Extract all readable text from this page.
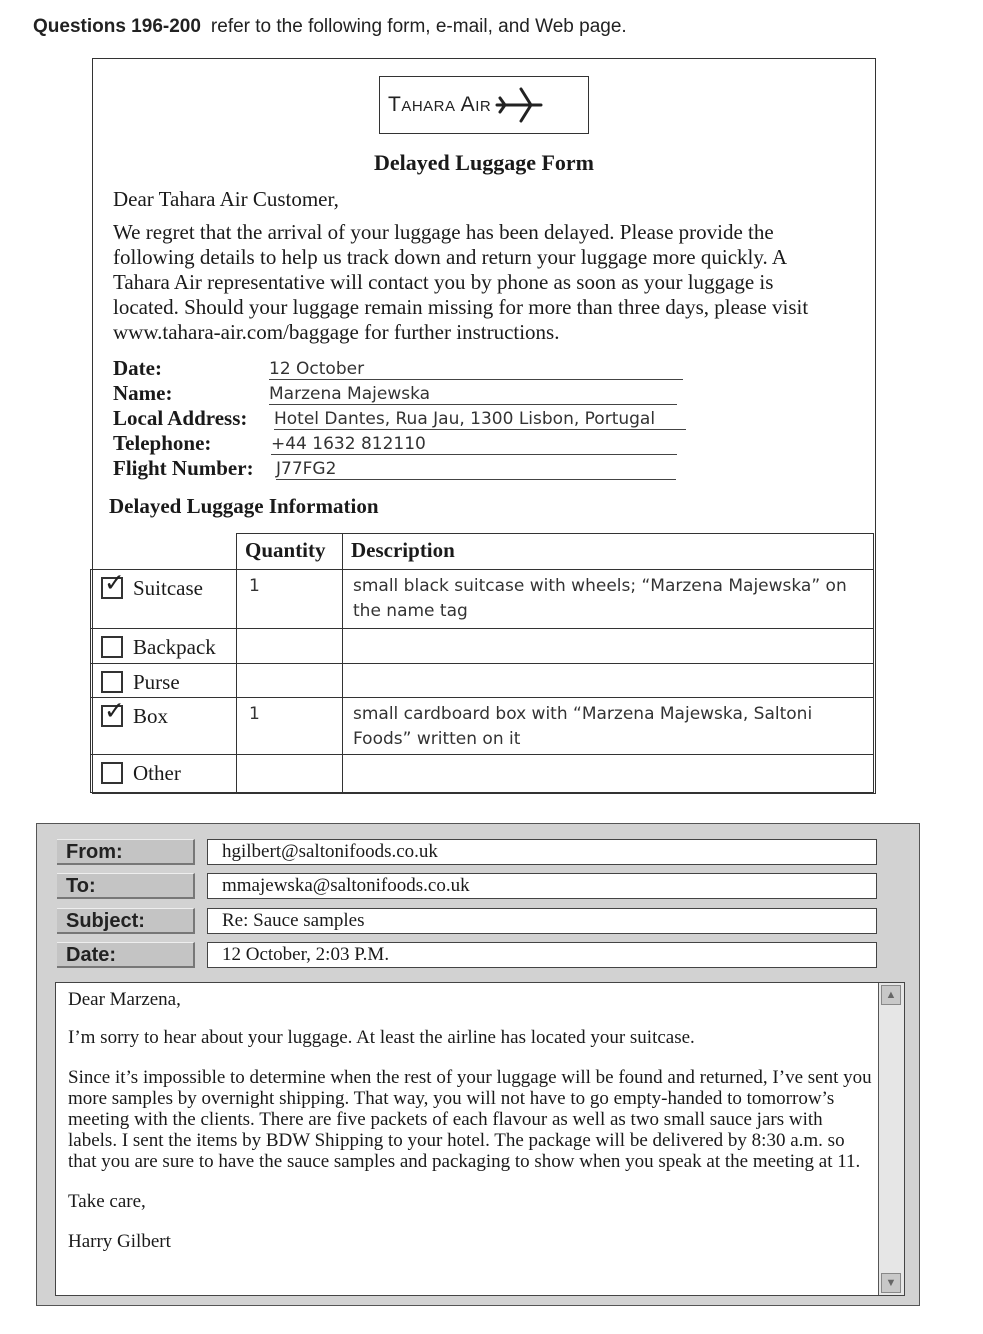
Questions 196-200 refer to the following form, e-mail, and Web page.
Tahara Air
Delayed Luggage Form
Dear Tahara Air Customer,
We regret that the arrival of your luggage has been delayed. Please provide the following details to help us track down and return your luggage more quickly. A Tahara Air representative will contact you by phone as soon as your luggage is located. Should your luggage remain missing for more than three days, please visit www.tahara-air.com/baggage for further instructions.
Date:	12 October
Name:	Marzena Majewska
Local Address: Hotel Dantes, Rua Jau, 1300 Lisbon, Portugal
Telephone:	+44 1632 812110
Flight Number: J77FG2
Delayed Luggage Information
	Quantity	Description

✓ Suitcase	1	small black suitcase with wheels; “Marzena Majewska” on the name tag
Backpack		
Purse		

✓ Box	1	small cardboard box with “Marzena Majewska, Saltoni Foods” written on it
Other		
From:	hgilbert@saltonifoods.co.uk
To:	mmajewska@saltonifoods.co.uk
Subject:	Re: Sauce samples
Date:	12 October, 2:03 P.M.

Dear Marzena,

I’m sorry to hear about your luggage. At least the airline has located your suitcase.

Since it’s impossible to determine when the rest of your luggage will be found and returned, I’ve sent you more samples by overnight shipping. That way, you will not have to go empty-handed to tomorrow’s meeting with the clients. There are five packets of each flavour as well as two small sauce jars with labels. I sent the items by BDW Shipping to your hotel. The package will be delivered by 8:30 a.m. so that you are sure to have the sauce samples and packaging to show when you speak at the meeting at 11.

Take care,

Harry Gilbert

▲
▼
